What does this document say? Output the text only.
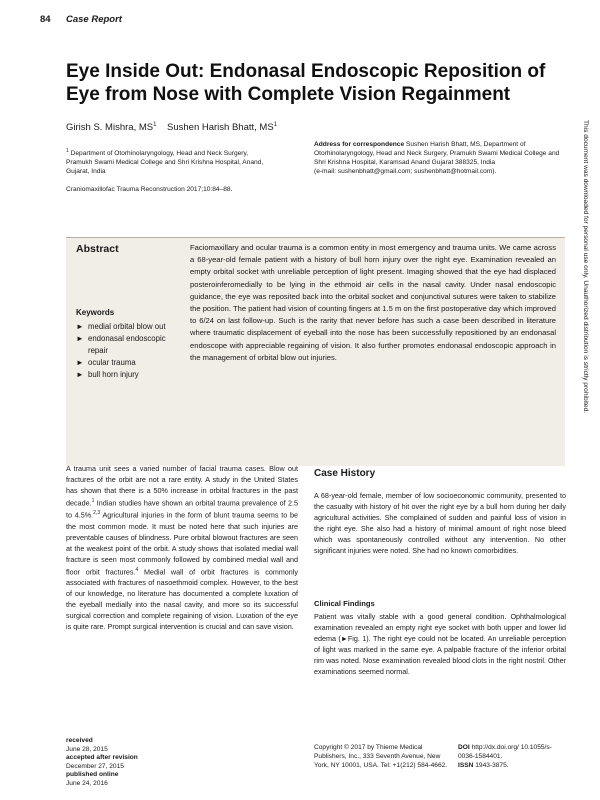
84 Case Report
Eye Inside Out: Endonasal Endoscopic Reposition of Eye from Nose with Complete Vision Regainment
Girish S. Mishra, $MS^1$ Sushen Harish Bhatt, $MS^1$
$^1$ Department of Otorhinolaryngology, Head and Neck Surgery, Pramukh Swami Medical College and Shri Krishna Hospital, Anand, Gujarat, India
Craniomaxillofac Trauma Reconstruction 2017;10:84–88.
Address for correspondence Sushen Harish Bhatt, MS, Department of Otorhinolaryngology, Head and Neck Surgery, Pramukh Swami Medical College and Shri Krishna Hospital, Karamsad Anand Gujarat 388325, India
(e-mail: sushenbhatt@gmail.com; sushenbhatt@hotmail.com).
Abstract
Keywords
► medial orbital blow out
► endonasal endoscopic repair
► ocular trauma
► bull horn injury
Faciomaxillary and ocular trauma is a common entity in most emergency and trauma units. We came across a 68-year-old female patient with a history of bull horn injury over the right eye. Examination revealed an empty orbital socket with unreliable perception of light present. Imaging showed that the eye had displaced posteroinferomedially to be lying in the ethmoid air cells in the nasal cavity. Under nasal endoscopic guidance, the eye was reposited back into the orbital socket and conjunctival sutures were taken to stabilize the position. The patient had vision of counting fingers at 1.5 m on the first postoperative day which improved to 6/24 on last follow-up. Such is the rarity that never before has such a case been described in literature where traumatic displacement of eyeball into the nose has been successfully repositioned by an endonasal endoscope with appreciable regaining of vision. It also further promotes endonasal endoscopic approach in the management of orbital blow out injuries.
A trauma unit sees a varied number of facial trauma cases. Blow out fractures of the orbit are not a rare entity. A study in the United States has shown that there is a 50% increase in orbital fractures in the past decade.$^1$ Indian studies have shown an orbital trauma prevalence of 2.5 to 4.5%.$^{2,3}$ Agricultural injuries in the form of blunt trauma seems to be the most common mode. It must be noted here that such injuries are preventable causes of blindness. Pure orbital blowout fractures are seen at the weakest point of the orbit. A study shows that isolated medial wall fracture is seen most commonly followed by combined medial wall and floor orbit fractures.$^4$ Medial wall of orbit fractures is commonly associated with fractures of nasoethmoid complex. However, to the best of our knowledge, no literature has documented a complete luxation of the eyeball medially into the nasal cavity, and more so its successful surgical correction and complete regaining of vision. Luxation of the eye is quite rare. Prompt surgical intervention is crucial and can save vision.
Case History
A 68-year-old female, member of low socioeconomic community, presented to the casualty with history of hit over the right eye by a bull horn during her daily agricultural activities. She complained of sudden and painful loss of vision in the right eye. She also had a history of minimal amount of right nose bleed which was spontaneously controlled without any intervention. No other significant injuries were noted. She had no known comorbidities.
Clinical Findings
Patient was vitally stable with a good general condition. Ophthalmological examination revealed an empty right eye socket with both upper and lower lid edema (►Fig. 1). The right eye could not be located. An unreliable perception of light was marked in the same eye. A palpable fracture of the inferior orbital rim was noted. Nose examination revealed blood clots in the right nostril. Other examinations seemed normal.
received
June 28, 2015
accepted after revision
December 27, 2015
published online
June 24, 2016
Copyright © 2017 by Thieme Medical Publishers, Inc., 333 Seventh Avenue, New York, NY 10001, USA. Tel: +1(212) 584-4662.
DOI http://dx.doi.org/ 10.1055/s-0036-1584401.
ISSN 1943-3875.
This document was downloaded for personal use only. Unauthorized distribution is strictly prohibited.
